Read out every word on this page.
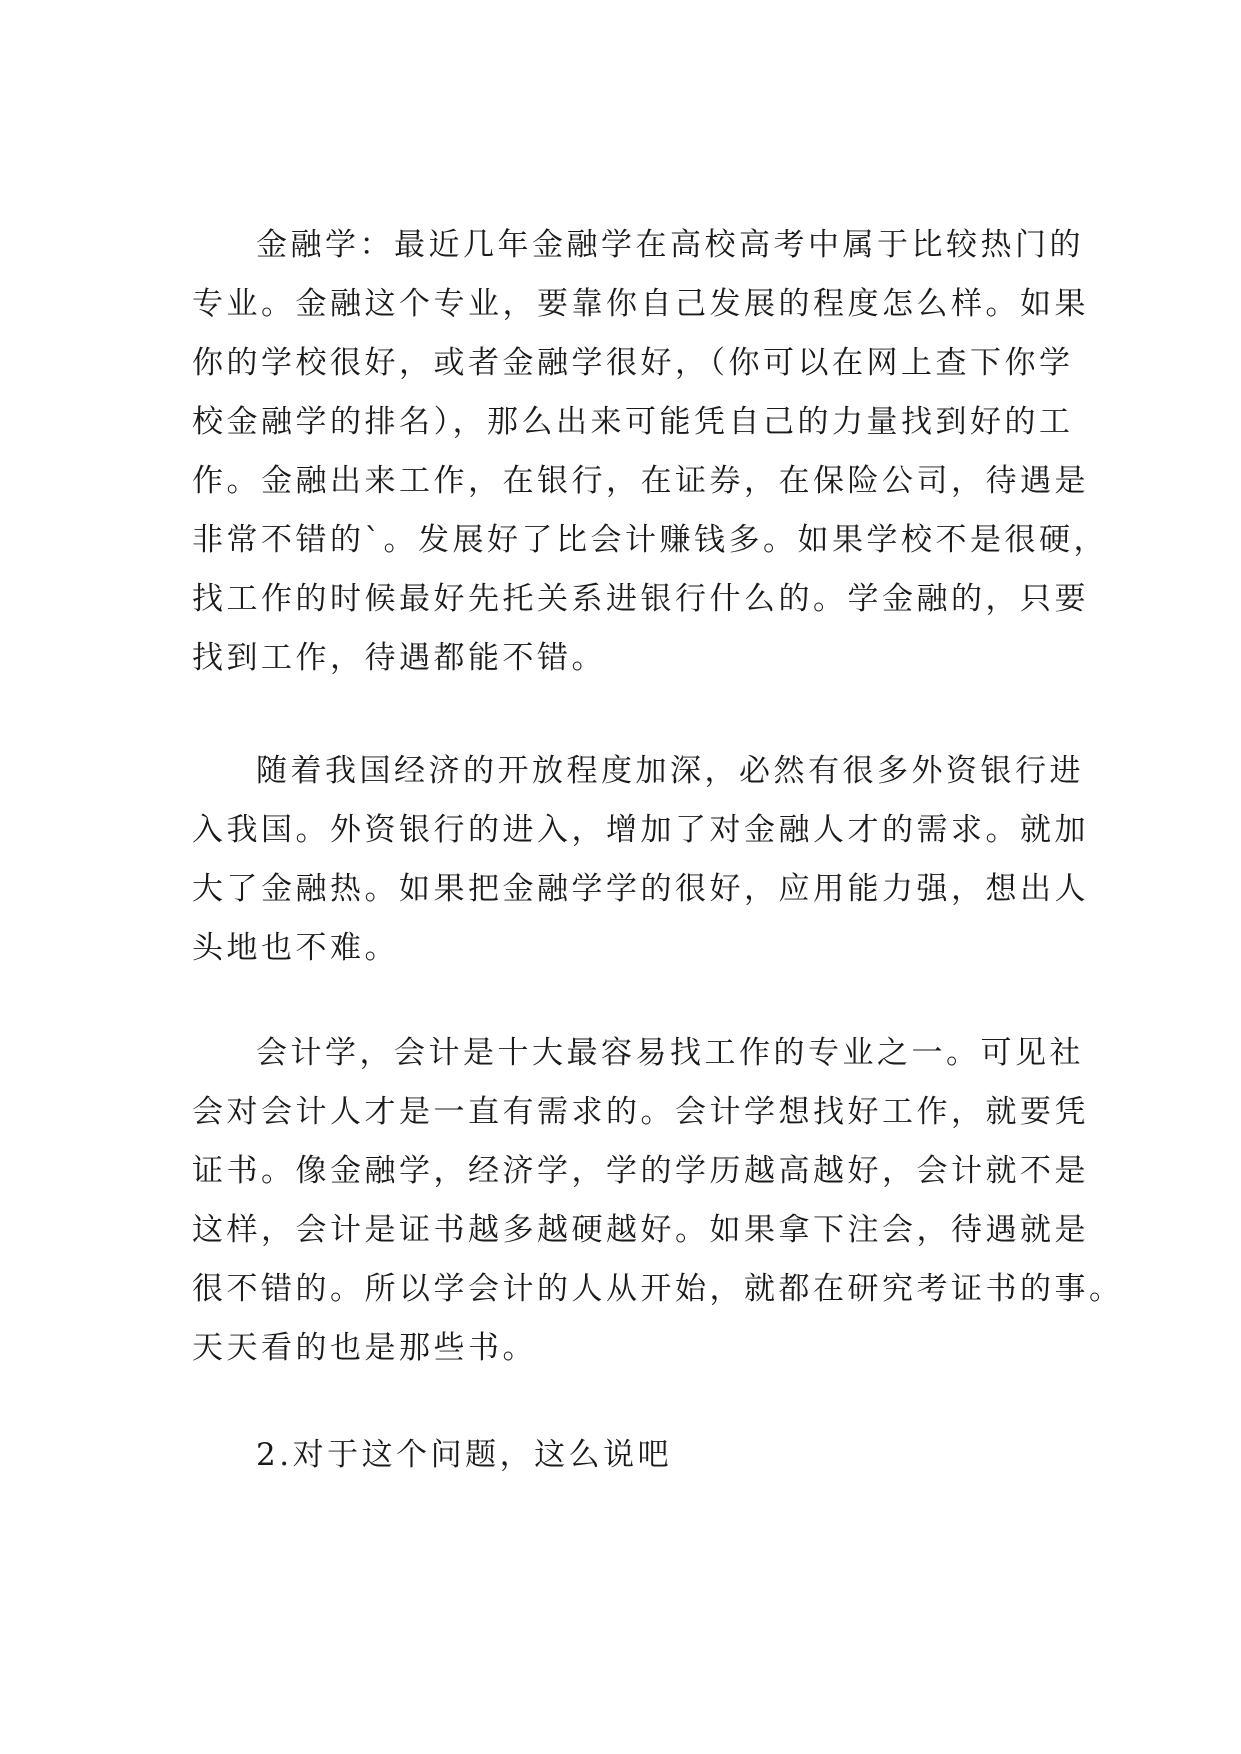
金融学：最近几年金融学在高校高考中属于比较热门的
专业。金融这个专业，要靠你自己发展的程度怎么样。如果
你的学校很好，或者金融学很好，（你可以在网上查下你学
校金融学的排名），那么出来可能凭自己的力量找到好的工
作。金融出来工作，在银行，在证券，在保险公司，待遇是
非常不错的`。发展好了比会计赚钱多。如果学校不是很硬，
找工作的时候最好先托关系进银行什么的。学金融的，只要
找到工作，待遇都能不错。

随着我国经济的开放程度加深，必然有很多外资银行进
入我国。外资银行的进入，增加了对金融人才的需求。就加
大了金融热。如果把金融学学的很好，应用能力强，想出人
头地也不难。

会计学，会计是十大最容易找工作的专业之一。可见社
会对会计人才是一直有需求的。会计学想找好工作，就要凭
证书。像金融学，经济学，学的学历越高越好，会计就不是
这样，会计是证书越多越硬越好。如果拿下注会，待遇就是
很不错的。所以学会计的人从开始，就都在研究考证书的事。
天天看的也是那些书。

2.对于这个问题，这么说吧
